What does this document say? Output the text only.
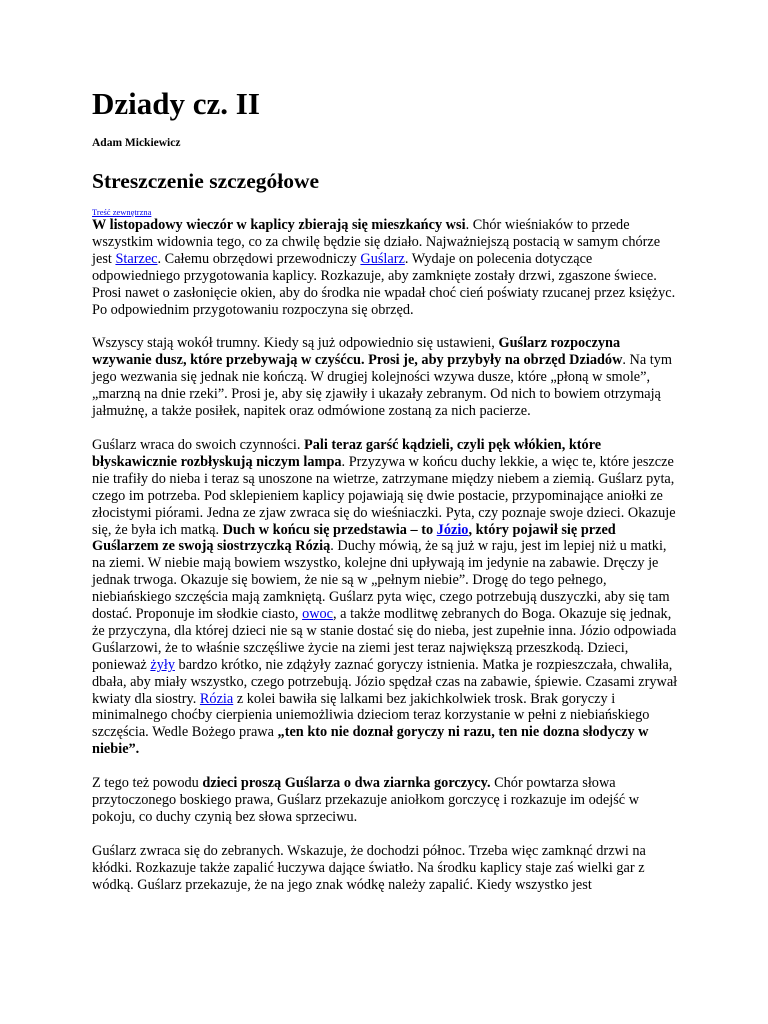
Dziady cz. II
Adam Mickiewicz
Streszczenie szczegółowe
Treść zewnętrzna

W listopadowy wieczór w kaplicy zbierają się mieszkańcy wsi. Chór wieśniaków to przede wszystkim widownia tego, co za chwilę będzie się działo. Najważniejszą postacią w samym chórze jest Starzec. Całemu obrzędowi przewodniczy Guślarz. Wydaje on polecenia dotyczące odpowiedniego przygotowania kaplicy. Rozkazuje, aby zamknięte zostały drzwi, zgaszone świece. Prosi nawet o zasłonięcie okien, aby do środka nie wpadał choć cień poświaty rzucanej przez księżyc. Po odpowiednim przygotowaniu rozpoczyna się obrzęd.

Wszyscy stają wokół trumny. Kiedy są już odpowiednio się ustawieni, Guślarz rozpoczyna wzywanie dusz, które przebywają w czyśćcu. Prosi je, aby przybyły na obrzęd Dziadów. Na tym jego wezwania się jednak nie kończą. W drugiej kolejności wzywa dusze, które „płoną w smole”, „marzną na dnie rzeki”. Prosi je, aby się zjawiły i ukazały zebranym. Od nich to bowiem otrzymają jałmużnę, a także posiłek, napitek oraz odmówione zostaną za nich pacierze.

Guślarz wraca do swoich czynności. Pali teraz garść kądzieli, czyli pęk włókien, które błyskawicznie rozbłyskują niczym lampa. Przyzywa w końcu duchy lekkie, a więc te, które jeszcze nie trafiły do nieba i teraz są unoszone na wietrze, zatrzymane między niebem a ziemią. Guślarz pyta, czego im potrzeba. Pod sklepieniem kaplicy pojawiają się dwie postacie, przypominające aniołki ze złocistymi piórami. Jedna ze zjaw zwraca się do wieśniaczki. Pyta, czy poznaje swoje dzieci. Okazuje się, że była ich matką. Duch w końcu się przedstawia – to Józio, który pojawił się przed Guślarzem ze swoją siostrzyczką Rózią. Duchy mówią, że są już w raju, jest im lepiej niż u matki, na ziemi. W niebie mają bowiem wszystko, kolejne dni upływają im jedynie na zabawie. Dręczy je jednak trwoga. Okazuje się bowiem, że nie są w „pełnym niebie”. Drogę do tego pełnego, niebiańskiego szczęścia mają zamkniętą. Guślarz pyta więc, czego potrzebują duszyczki, aby się tam dostać. Proponuje im słodkie ciasto, owoc, a także modlitwę zebranych do Boga. Okazuje się jednak, że przyczyna, dla której dzieci nie są w stanie dostać się do nieba, jest zupełnie inna. Józio odpowiada Guślarzowi, że to właśnie szczęśliwe życie na ziemi jest teraz największą przeszkodą. Dzieci, ponieważ żyły bardzo krótko, nie zdążyły zaznać goryczy istnienia. Matka je rozpieszczała, chwaliła, dbała, aby miały wszystko, czego potrzebują. Józio spędzał czas na zabawie, śpiewie. Czasami zrywał kwiaty dla siostry. Rózia z kolei bawiła się lalkami bez jakichkolwiek trosk. Brak goryczy i minimalnego choćby cierpienia uniemożliwia dzieciom teraz korzystanie w pełni z niebiańskiego szczęścia. Wedle Bożego prawa „ten kto nie doznał goryczy ni razu, ten nie dozna słodyczy w niebie”.

Z tego też powodu dzieci proszą Guślarza o dwa ziarnka gorczycy. Chór powtarza słowa przytoczonego boskiego prawa, Guślarz przekazuje aniołkom gorczycę i rozkazuje im odejść w pokoju, co duchy czynią bez słowa sprzeciwu.

Guślarz zwraca się do zebranych. Wskazuje, że dochodzi północ. Trzeba więc zamknąć drzwi na kłódki. Rozkazuje także zapalić łuczywa dające światło. Na środku kaplicy staje zaś wielki gar z wódką. Guślarz przekazuje, że na jego znak wódkę należy zapalić. Kiedy wszystko jest
